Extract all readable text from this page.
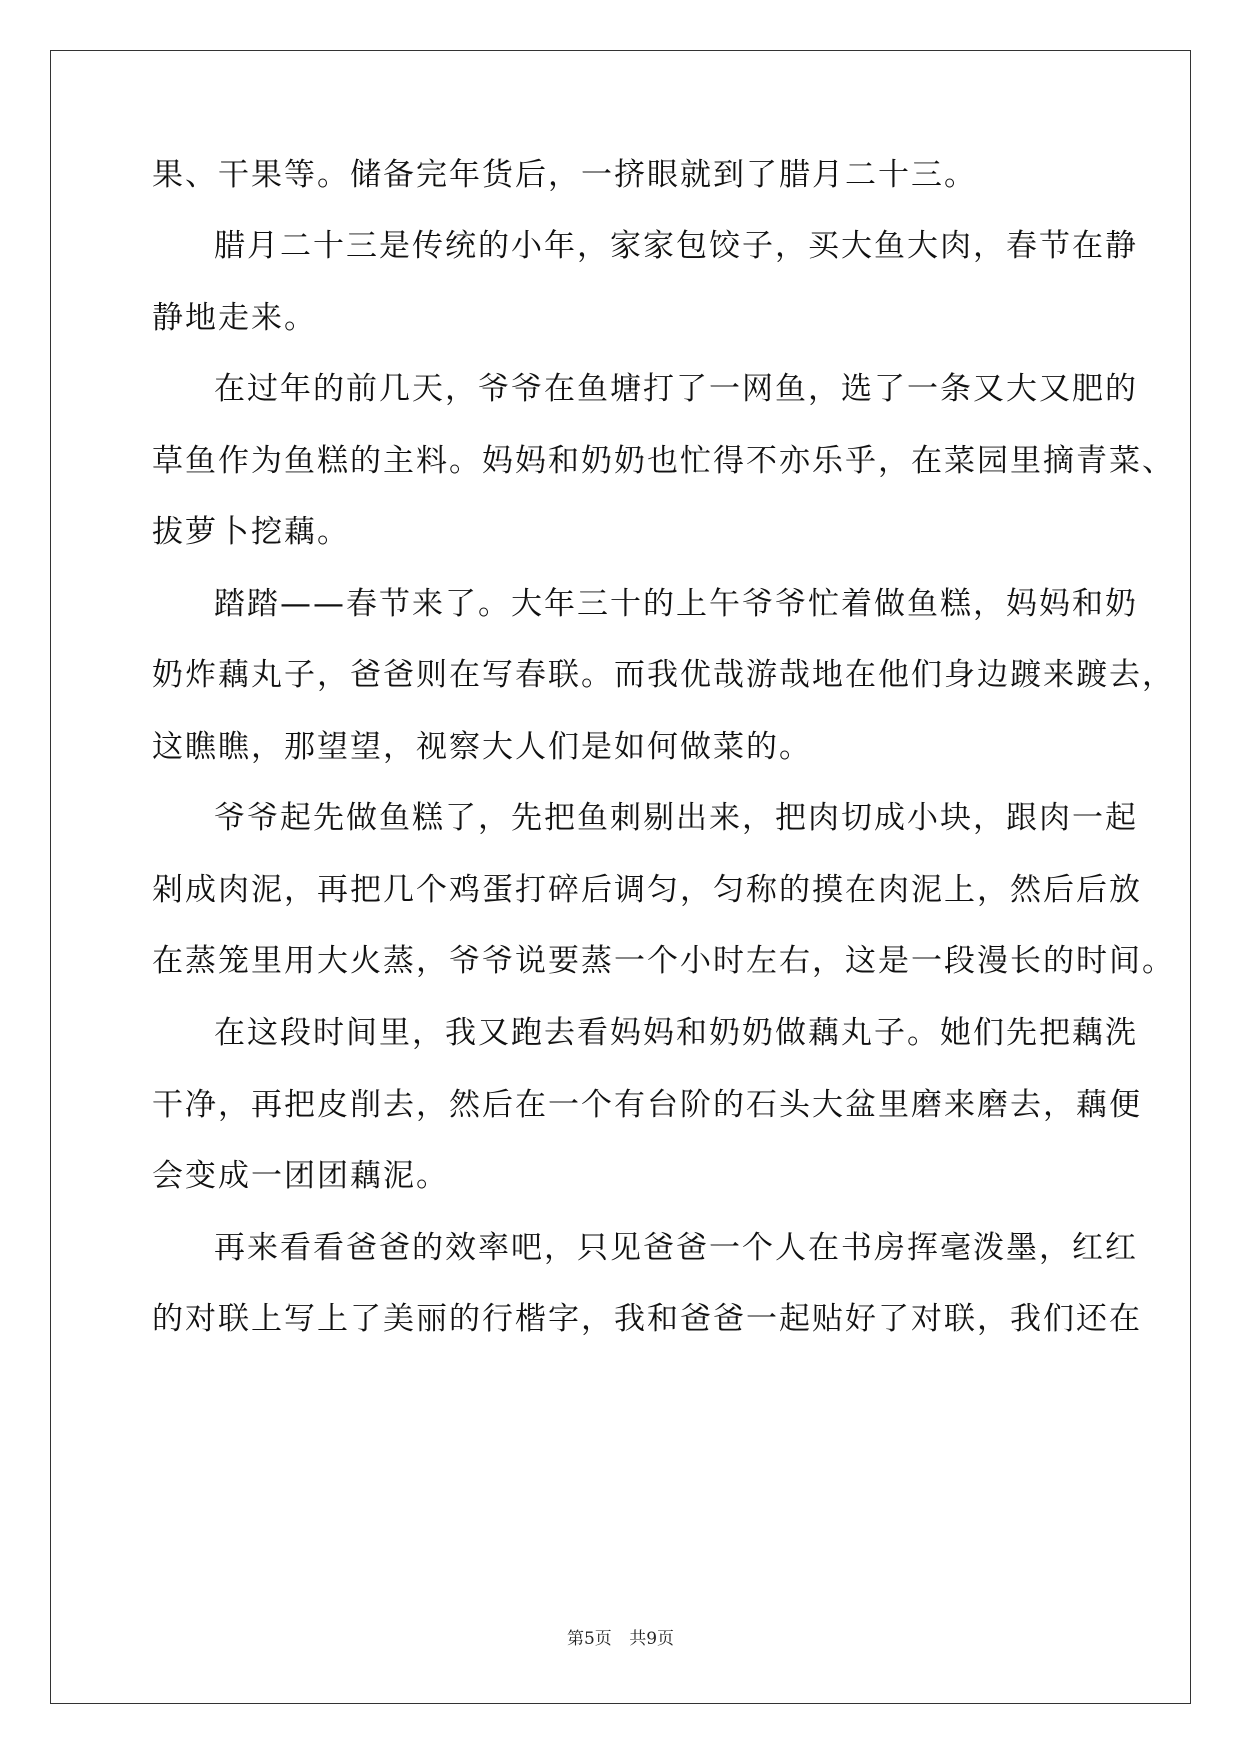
果、干果等。储备完年货后，一挤眼就到了腊月二十三。
腊月二十三是传统的小年，家家包饺子，买大鱼大肉，春节在静
静地走来。
在过年的前几天，爷爷在鱼塘打了一网鱼，选了一条又大又肥的
草鱼作为鱼糕的主料。妈妈和奶奶也忙得不亦乐乎，在菜园里摘青菜、
拔萝卜挖藕。
踏踏——春节来了。大年三十的上午爷爷忙着做鱼糕，妈妈和奶
奶炸藕丸子，爸爸则在写春联。而我优哉游哉地在他们身边踱来踱去，
这瞧瞧，那望望，视察大人们是如何做菜的。
爷爷起先做鱼糕了，先把鱼刺剔出来，把肉切成小块，跟肉一起
剁成肉泥，再把几个鸡蛋打碎后调匀，匀称的摸在肉泥上，然后后放
在蒸笼里用大火蒸，爷爷说要蒸一个小时左右，这是一段漫长的时间。
在这段时间里，我又跑去看妈妈和奶奶做藕丸子。她们先把藕洗
干净，再把皮削去，然后在一个有台阶的石头大盆里磨来磨去，藕便
会变成一团团藕泥。
再来看看爸爸的效率吧，只见爸爸一个人在书房挥毫泼墨，红红
的对联上写上了美丽的行楷字，我和爸爸一起贴好了对联，我们还在
第5页 共9页
